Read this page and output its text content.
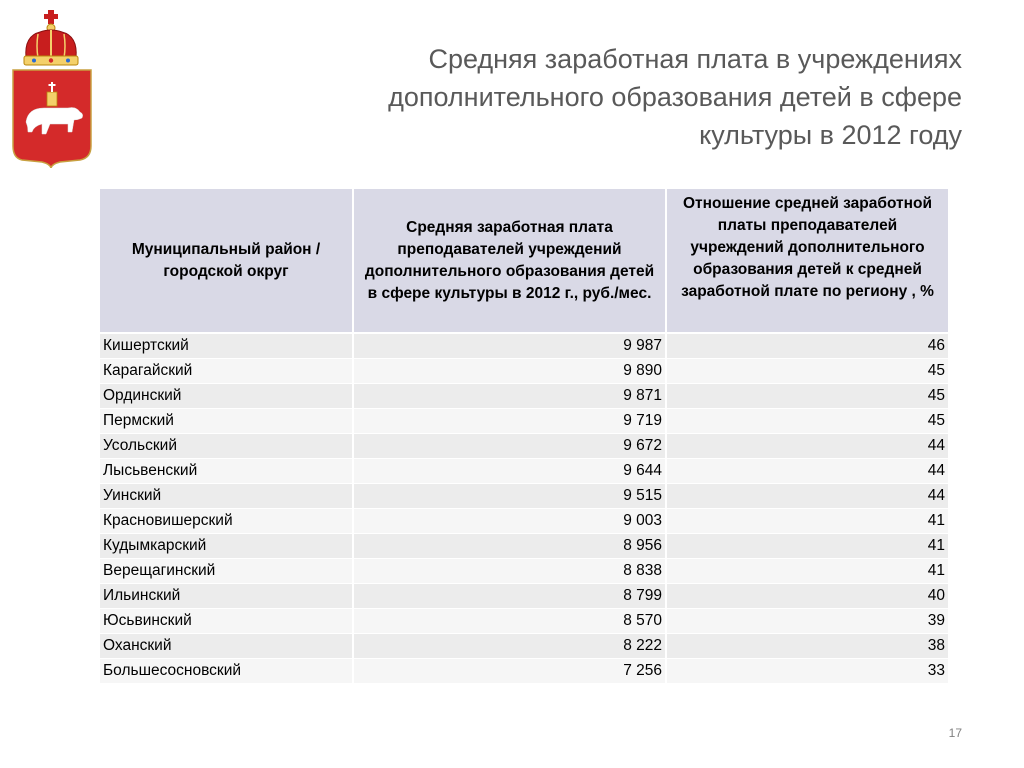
Средняя заработная плата в учреждениях
дополнительного образования детей в сфере
культуры в 2012 году
Муниципальный район / городской округ	Средняя заработная плата преподавателей учреждений дополнительного образования детей в сфере культуры в 2012 г., руб./мес.	Отношение средней заработной платы преподавателей учреждений дополнительного образования детей к средней заработной плате по региону , %
Кишертский	9 987	46
Карагайский	9 890	45
Ординский	9 871	45
Пермский	9 719	45
Усольский	9 672	44
Лысьвенский	9 644	44
Уинский	9 515	44
Красновишерский	9 003	41
Кудымкарский	8 956	41
Верещагинский	8 838	41
Ильинский	8 799	40
Юсьвинский	8 570	39
Оханский	8 222	38
Большесосновский	7 256	33
17
